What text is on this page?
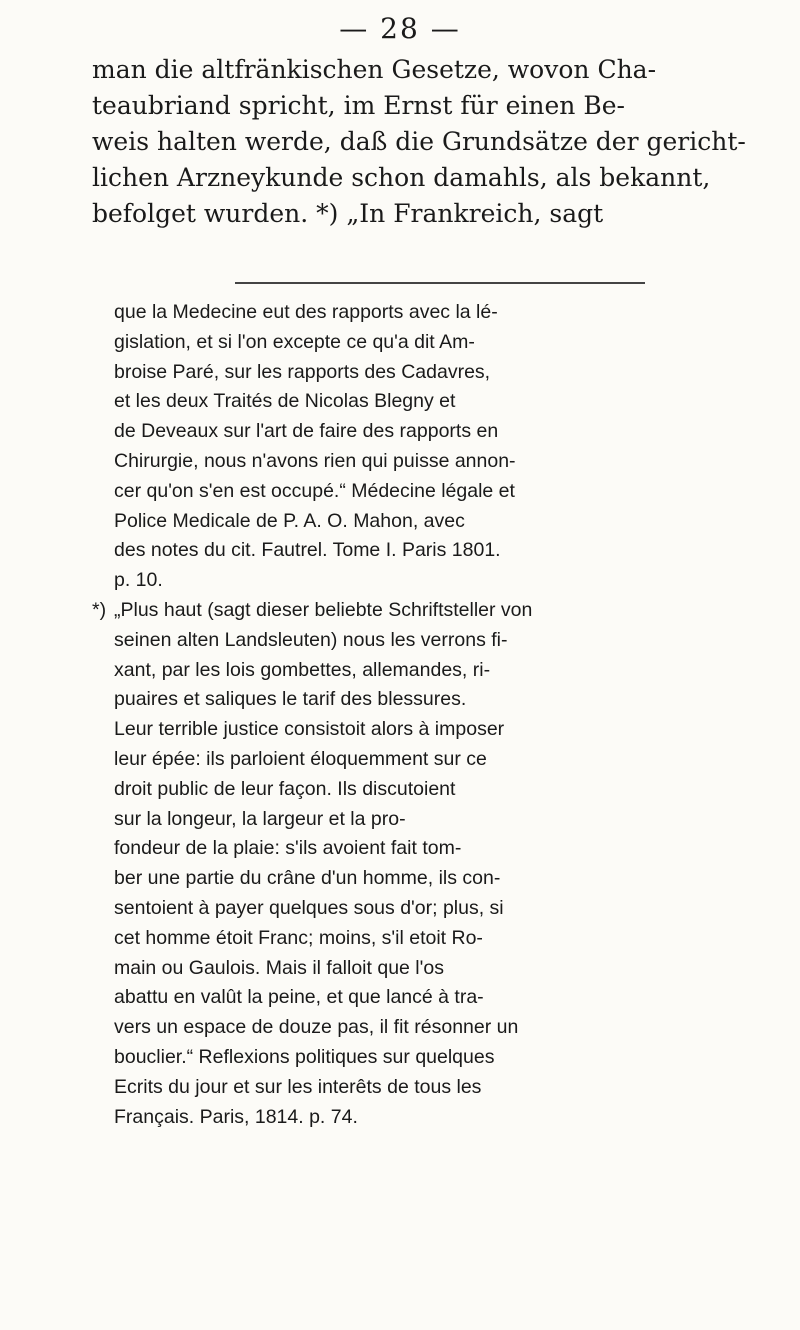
— 28 —
man die altfränkischen Gesetze, wovon Cha-
teaubriand spricht, im Ernst für einen Be-
weis halten werde, daß die Grundsätze der gericht-
lichen Arzneykunde schon damahls, als bekannt,
befolget wurden. *) „In Frankreich, sagt
que la Medecine eut des rapports avec la lé-
gislation, et si l'on excepte ce qu'a dit Am-
broise Paré, sur les rapports des Cadavres,
et les deux Traités de Nicolas Blegny et
de Deveaux sur l'art de faire des rapports en
Chirurgie, nous n'avons rien qui puisse annon-
cer qu'on s'en est occupé.“ Médecine légale et
Police Medicale de P. A. O. Mahon, avec
des notes du cit. Fautrel. Tome I. Paris 1801.
p. 10.
*) „Plus haut (sagt dieser beliebte Schriftsteller von
seinen alten Landsleuten) nous les verrons fi-
xant, par les lois gombettes, allemandes, ri-
puaires et saliques le tarif des blessures.
Leur terrible justice consistoit alors à imposer
leur épée: ils parloient éloquemment sur ce
droit public de leur façon. Ils discutoient
sur la longeur, la largeur et la pro-
fondeur de la plaie: s'ils avoient fait tom-
ber une partie du crâne d'un homme, ils con-
sentoient à payer quelques sous d'or; plus, si
cet homme étoit Franc; moins, s'il etoit Ro-
main ou Gaulois. Mais il falloit que l'os
abattu en valût la peine, et que lancé à tra-
vers un espace de douze pas, il fit résonner un
bouclier.“ Reflexions politiques sur quelques
Ecrits du jour et sur les interêts de tous les
Français. Paris, 1814. p. 74.
